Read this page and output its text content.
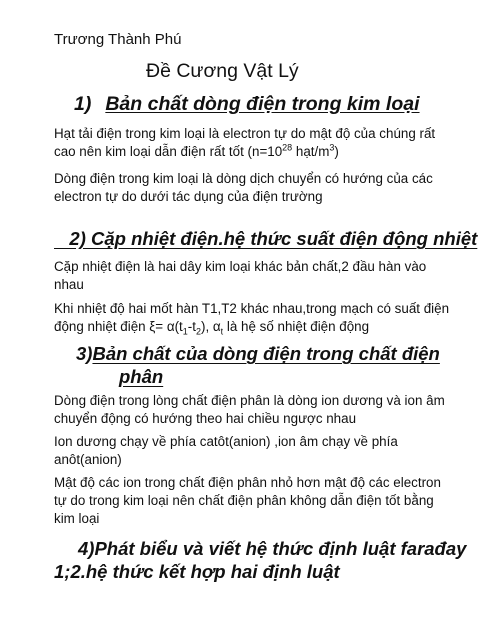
Trương Thành Phú
Đề Cương Vật Lý
1) Bản chất dòng điện trong kim loại
Hạt tải điện trong kim loại là electron tự do mật độ của chúng rất cao nên kim loại dẫn điện rất tốt ($n=10^{28}$ hạt/$m^3$)
Dòng điện trong kim loại là dòng dịch chuyển có hướng của các electron tự do dưới tác dụng của điện trường
2) Cặp nhiệt điện.hệ thức suất điện động nhiệt
Cặp nhiệt điện là hai dây kim loại khác bản chất,2 đầu hàn vào nhau
Khi nhiệt độ hai mốt hàn T1,T2 khác nhau,trong mạch có suất điện động nhiệt điện $\xi= \alpha(t_1-t_2)$, $\alpha_t$ là hệ số nhiệt điện động
3)Bản chất của dòng điện trong chất điện
phân
Dòng điện trong lòng chất điện phân là dòng ion dương và ion âm chuyển động có hướng theo hai chiều ngược nhau
Ion dương chạy về phía catôt(anion) ,ion âm chạy về phía anôt(anion)
Mật độ các ion trong chất điện phân nhỏ hơn mật độ các electron tự do trong kim loại nên chất điện phân không dẫn điện tốt bằng kim loại
4)Phát biểu và viết hệ thức định luật farađay
1;2.hệ thức kết hợp hai định luật
